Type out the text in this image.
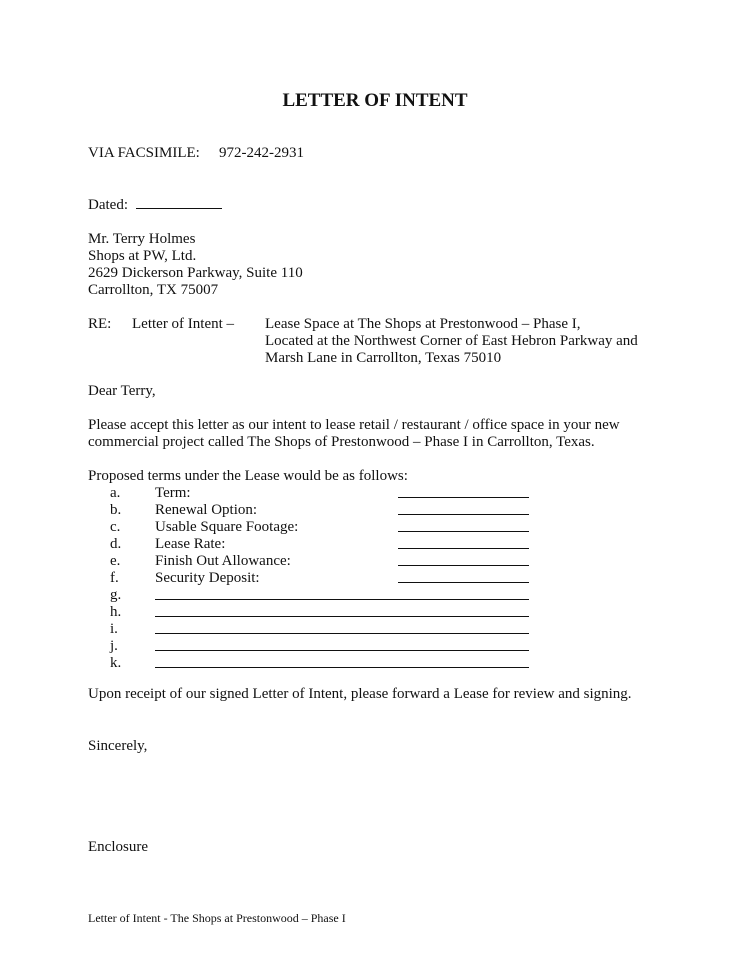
LETTER OF INTENT
VIA FACSIMILE: 972-242-2931
Dated:
Mr. Terry Holmes
Shops at PW, Ltd.
2629 Dickerson Parkway, Suite 110
Carrollton, TX 75007
RE: Letter of Intent – Lease Space at The Shops at Prestonwood – Phase I,
Located at the Northwest Corner of East Hebron Parkway and
Marsh Lane in Carrollton, Texas 75010
Dear Terry,
Please accept this letter as our intent to lease retail / restaurant / office space in your new
commercial project called The Shops of Prestonwood – Phase I in Carrollton, Texas.
Proposed terms under the Lease would be as follows:
a. Term:
b. Renewal Option:
c. Usable Square Footage:
d. Lease Rate:
e. Finish Out Allowance:
f. Security Deposit:
g.
h.
i.
j.
k.
Upon receipt of our signed Letter of Intent, please forward a Lease for review and signing.
Sincerely,
Enclosure
Letter of Intent - The Shops at Prestonwood – Phase I
